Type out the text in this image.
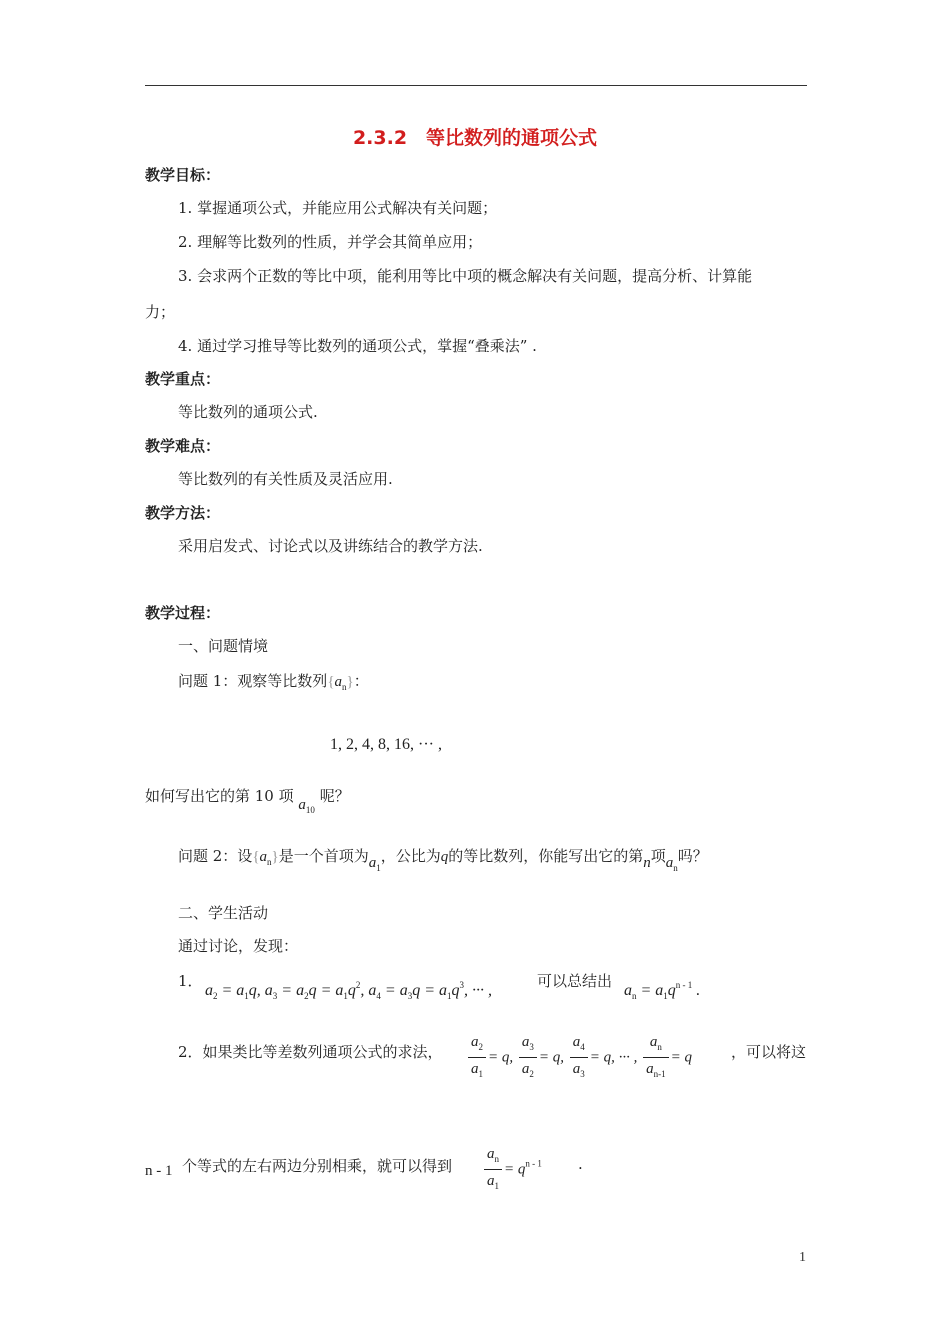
2.3.2　等比数列的通项公式
教学目标：
1. 掌握通项公式，并能应用公式解决有关问题；
2. 理解等比数列的性质，并学会其简单应用；
3. 会求两个正数的等比中项，能利用等比中项的概念解决有关问题，提高分析、计算能
力；
4. 通过学习推导等比数列的通项公式，掌握“叠乘法” .
教学重点：
等比数列的通项公式.
教学难点：
等比数列的有关性质及灵活应用.
教学方法：
采用启发式、讨论式以及讲练结合的教学方法.
教学过程：
一、问题情境
问题 1：观察等比数列$\{a_n\}$：
1, 2, 4, 8, 16, ··· ,
如何写出它的第 10 项 $a_{10}$ 呢？
问题 2：设$\{a_n\}$是一个首项为$a_1$，公比为q的等比数列，你能写出它的第n项$a_n$吗？
二、学生活动
通过讨论，发现：
1．
$a_2 = a_1q$, $a_3 = a_2q = a_1q^2$, $a_4 = a_3q = a_1q^3$, ··· ,
可以总结出
$a_n = a_1q^{n - 1}$ .
2．如果类比等差数列通项公式的求法， $\frac{a_2}{a_1} = q$, $\frac{a_3}{a_2} = q$, $\frac{a_4}{a_3} = q$, ··· , $\frac{a_n}{a_{n-1}} = q$	，可以将这
n - 1 个等式的左右两边分别相乘，就可以得到 $\frac{a_n}{a_1} = q^{n - 1}$ .
1
